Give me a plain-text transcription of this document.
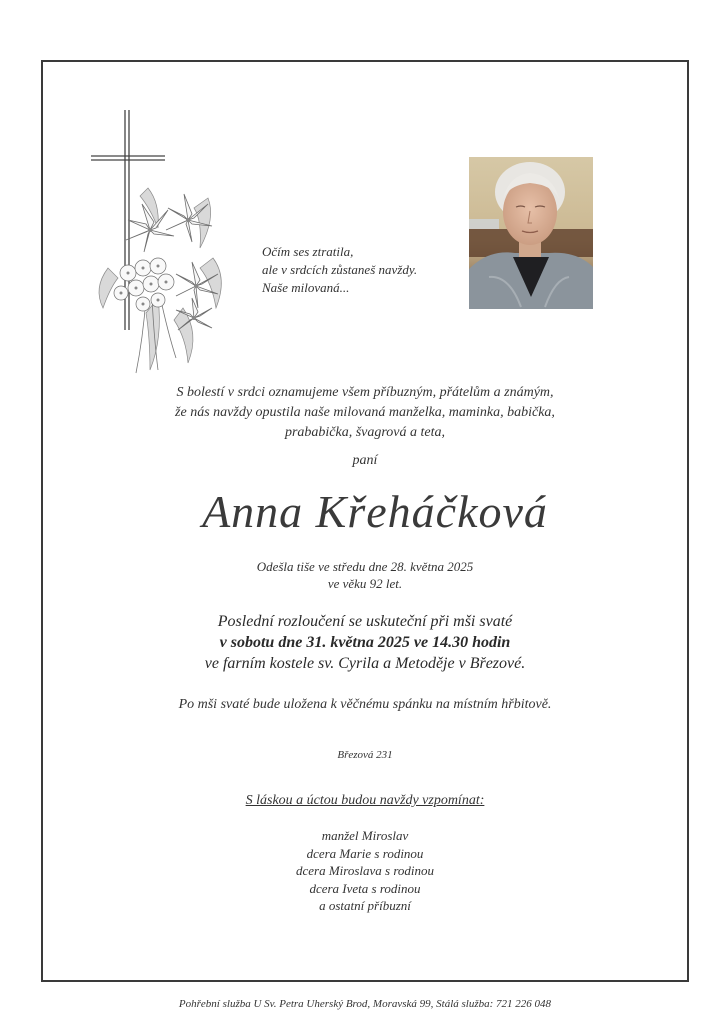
Očím ses ztratila,
ale v srdcích zůstaneš navždy.
Naše milovaná...
S bolestí v srdci oznamujeme všem příbuzným, přátelům a známým,
že nás navždy opustila naše milovaná manželka, maminka, babička,
prababička, švagrová a teta,
paní
Anna Křeháčková
Odešla tiše ve středu dne 28. května 2025
ve věku 92 let.
Poslední rozloučení se uskuteční při mši svaté
v sobotu dne 31. května 2025 ve 14.30 hodin
ve farním kostele sv. Cyrila a Metoděje v Březové.
Po mši svaté bude uložena k věčnému spánku na místním hřbitově.
Březová 231
S láskou a úctou budou navždy vzpomínat:
manžel Miroslav
dcera Marie s rodinou
dcera Miroslava s rodinou
dcera Iveta s rodinou
a ostatní příbuzní
Pohřební služba U Sv. Petra Uherský Brod, Moravská 99, Stálá služba: 721 226 048
